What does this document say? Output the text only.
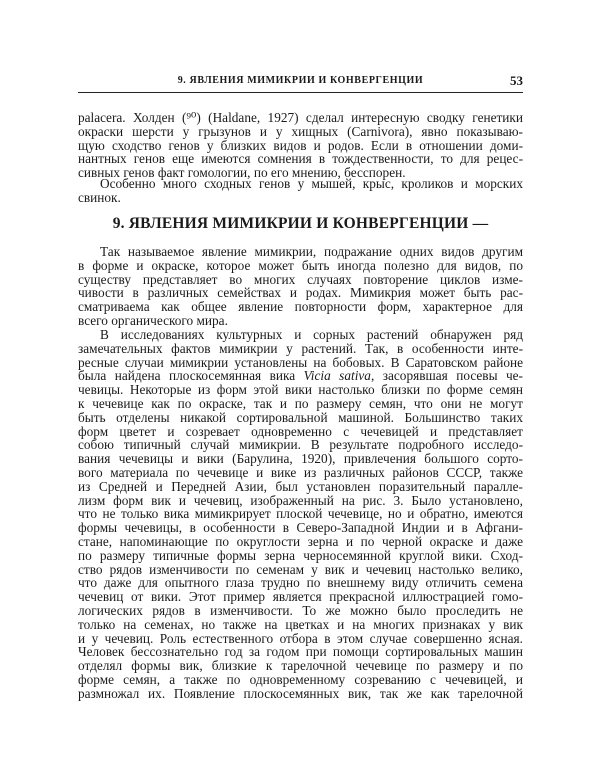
9. ЯВЛЕНИЯ МИМИКРИИ И КОНВЕРГЕНЦИИ	53
palacera. Холден (⁹⁰) (Haldane, 1927) сделал интересную сводку генетики
окраски шерсти у грызунов и у хищных (Carnivora), явно показываю-
щую сходство генов у близких видов и родов. Если в отношении доми-
нантных генов еще имеются сомнения в тождественности, то для рецес-
сивных генов факт гомологии, по его мнению, бесспорен.
Особенно много сходных генов у мышей, крыс, кроликов и морских
свинок.
9. ЯВЛЕНИЯ МИМИКРИИ И КОНВЕРГЕНЦИИ —
Так называемое явление мимикрии, подражание одних видов другим
в форме и окраске, которое может быть иногда полезно для видов, по
существу представляет во многих случаях повторение циклов изме-
чивости в различных семействах и родах. Мимикрия может быть рас-
сматриваема как общее явление повторности форм, характерное для
всего органического мира.
В исследованиях культурных и сорных растений обнаружен ряд
замечательных фактов мимикрии у растений. Так, в особенности инте-
ресные случаи мимикрии установлены на бобовых. В Саратовском районе
была найдена плоскосемянная вика Vicia sativa, засорявшая посевы че-
чевицы. Некоторые из форм этой вики настолько близки по форме семян
к чечевице как по окраске, так и по размеру семян, что они не могут
быть отделены никакой сортировальной машиной. Большинство таких
форм цветет и созревает одновременно с чечевицей и представляет
собою типичный случай мимикрии. В результате подробного исследо-
вания чечевицы и вики (Барулина, 1920), привлечения большого сорто-
вого материала по чечевице и вике из различных районов СССР, также
из Средней и Передней Азии, был установлен поразительный паралле-
лизм форм вик и чечевиц, изображенный на рис. 3. Было установлено,
что не только вика мимикрирует плоской чечевице, но и обратно, имеются
формы чечевицы, в особенности в Северо-Западной Индии и в Афгани-
стане, напоминающие по округлости зерна и по черной окраске и даже
по размеру типичные формы зерна черносемянной круглой вики. Сход-
ство рядов изменчивости по семенам у вик и чечевиц настолько велико,
что даже для опытного глаза трудно по внешнему виду отличить семена
чечевиц от вики. Этот пример является прекрасной иллюстрацией гомо-
логических рядов в изменчивости. То же можно было проследить не
только на семенах, но также на цветках и на многих признаках у вик
и у чечевиц. Роль естественного отбора в этом случае совершенно ясная.
Человек бессознательно год за годом при помощи сортировальных машин
отделял формы вик, близкие к тарелочной чечевице по размеру и по
форме семян, а также по одновременному созреванию с чечевицей, и
размножал их. Появление плоскосемянных вик, так же как тарелочной
